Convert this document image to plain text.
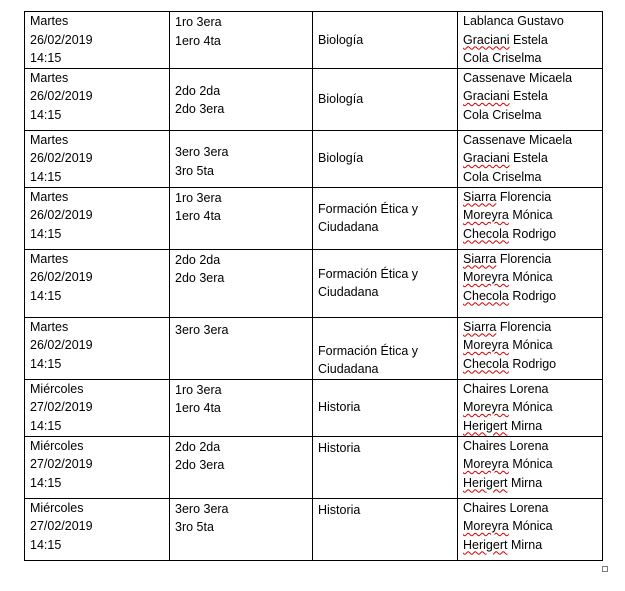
Martes
26/02/2019
14:15	1ro 3era
1ero 4ta	Biología	Lablanca Gustavo
Graciani Estela
Cola Criselma

Martes
26/02/2019
14:15	2do 2da
2do 3era	Biología	Cassenave Micaela
Graciani Estela
Cola Criselma

Martes
26/02/2019
14:15	3ero 3era
3ro 5ta	Biología	Cassenave Micaela
Graciani Estela
Cola Criselma

Martes
26/02/2019
14:15	1ro 3era
1ero 4ta	Formación Ética y
Ciudadana	Siarra Florencia
Moreyra Mónica
Checola Rodrigo

Martes
26/02/2019
14:15	2do 2da
2do 3era	Formación Ética y
Ciudadana	Siarra Florencia
Moreyra Mónica
Checola Rodrigo

Martes
26/02/2019
14:15	3ero 3era	Formación Ética y
Ciudadana	Siarra Florencia
Moreyra Mónica
Checola Rodrigo

Miércoles
27/02/2019
14:15	1ro 3era
1ero 4ta	Historia	Chaires Lorena
Moreyra Mónica
Herigert Mirna

Miércoles
27/02/2019
14:15	2do 2da
2do 3era	Historia	Chaires Lorena
Moreyra Mónica
Herigert Mirna

Miércoles
27/02/2019
14:15	3ero 3era
3ro 5ta	Historia	Chaires Lorena
Moreyra Mónica
Herigert Mirna
